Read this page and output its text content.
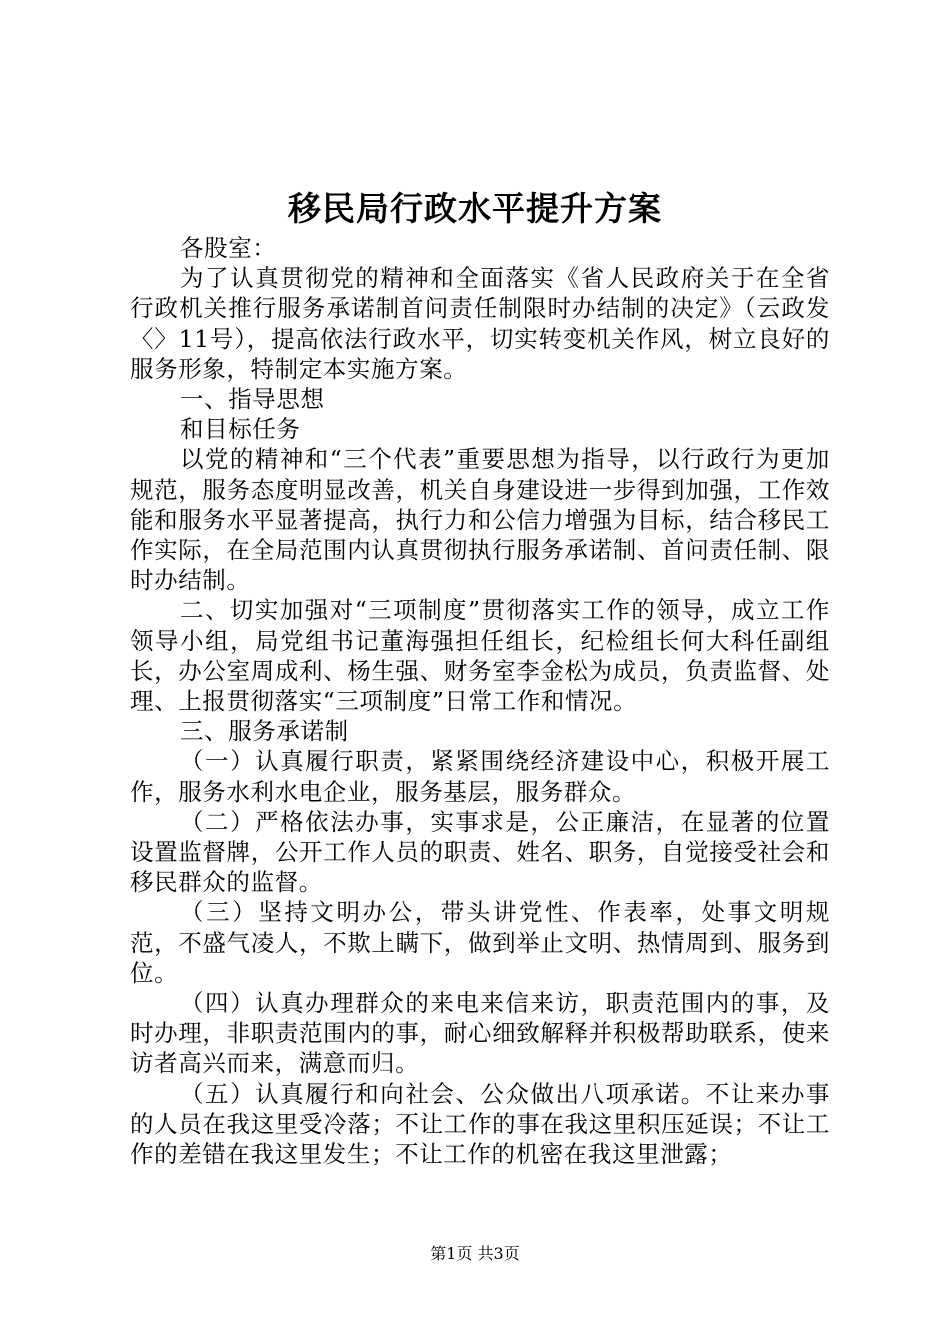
移民局行政水平提升方案

各股室：

为了认真贯彻党的精神和全面落实《省人民政府关于在全省行政机关推行服务承诺制首问责任制限时办结制的决定》（云政发〈〉11号），提高依法行政水平，切实转变机关作风，树立良好的服务形象，特制定本实施方案。

一、指导思想

和目标任务

以党的精神和“三个代表”重要思想为指导，以行政行为更加规范，服务态度明显改善，机关自身建设进一步得到加强，工作效能和服务水平显著提高，执行力和公信力增强为目标，结合移民工作实际，在全局范围内认真贯彻执行服务承诺制、首问责任制、限时办结制。

二、切实加强对“三项制度”贯彻落实工作的领导，成立工作领导小组，局党组书记董海强担任组长，纪检组长何大科任副组长，办公室周成利、杨生强、财务室李金松为成员，负责监督、处理、上报贯彻落实“三项制度”日常工作和情况。

三、服务承诺制

（一）认真履行职责，紧紧围绕经济建设中心，积极开展工作，服务水利水电企业，服务基层，服务群众。

（二）严格依法办事，实事求是，公正廉洁，在显著的位置设置监督牌，公开工作人员的职责、姓名、职务，自觉接受社会和移民群众的监督。

（三）坚持文明办公，带头讲党性、作表率，处事文明规范，不盛气凌人，不欺上瞒下，做到举止文明、热情周到、服务到位。

（四）认真办理群众的来电来信来访，职责范围内的事，及时办理，非职责范围内的事，耐心细致解释并积极帮助联系，使来访者高兴而来，满意而归。

（五）认真履行和向社会、公众做出八项承诺。不让来办事的人员在我这里受冷落；不让工作的事在我这里积压延误；不让工作的差错在我这里发生；不让工作的机密在我这里泄露；

第1页 共3页
